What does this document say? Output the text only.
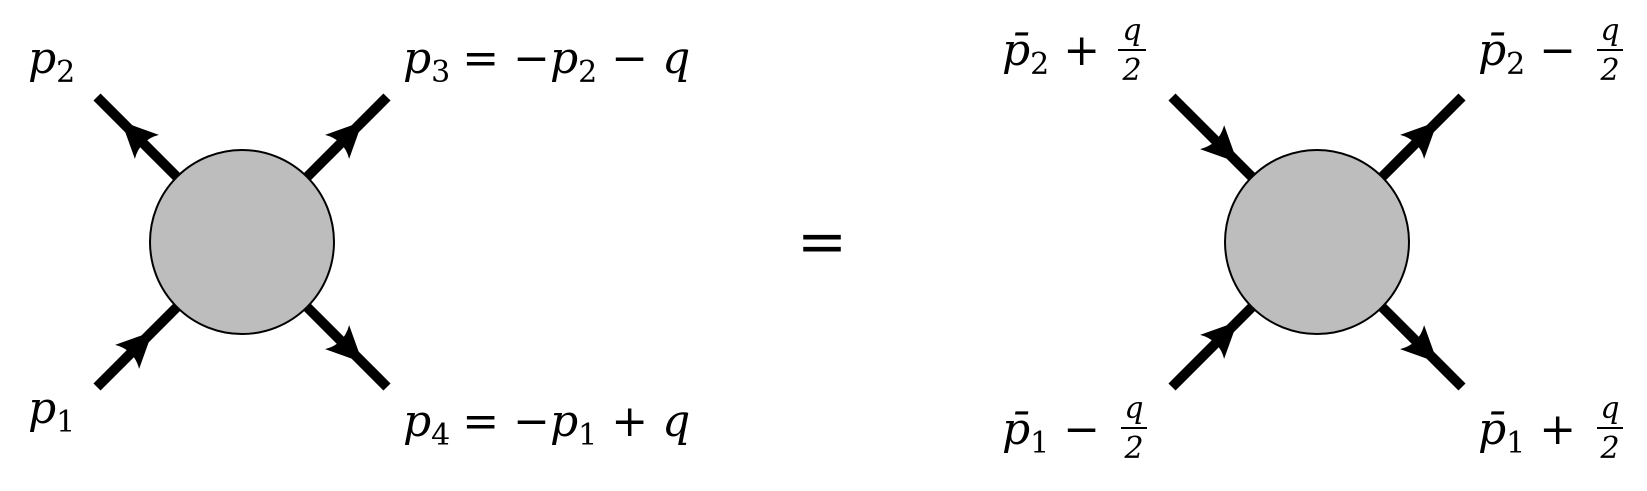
$p_2$	$p_3 = -p_2 - q$
$p_1$	$p_4 = -p_1 + q$
=
$p̄_2 + q$
2	$p̄_2 - q$
2
$p̄_1 - q$
2	$p̄_1 + q$
2
